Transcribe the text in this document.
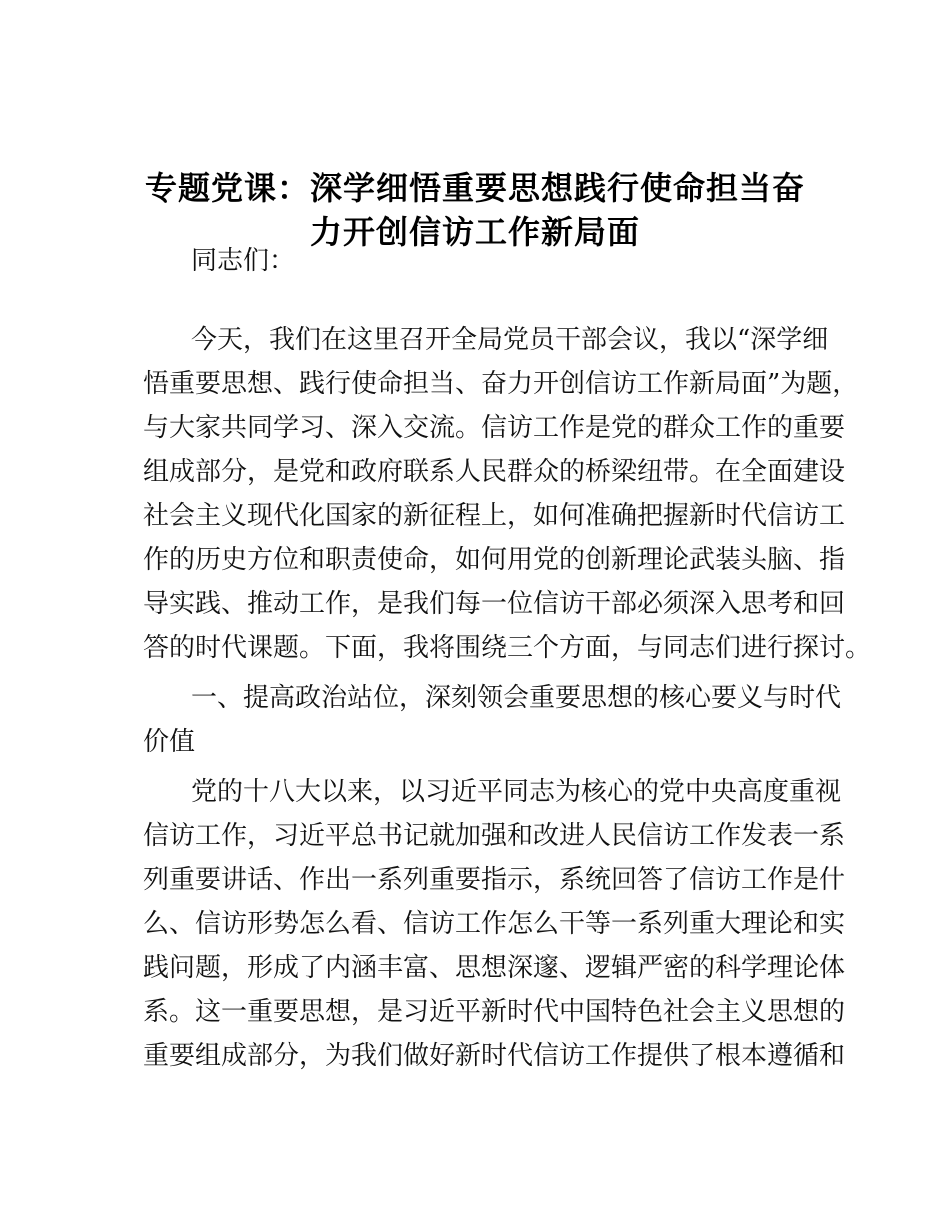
专题党课：深学细悟重要思想践行使命担当奋
力开创信访工作新局面
同志们：
今天，我们在这里召开全局党员干部会议，我以“深学细
悟重要思想、践行使命担当、奋力开创信访工作新局面”为题，
与大家共同学习、深入交流。信访工作是党的群众工作的重要
组成部分，是党和政府联系人民群众的桥梁纽带。在全面建设
社会主义现代化国家的新征程上，如何准确把握新时代信访工
作的历史方位和职责使命，如何用党的创新理论武装头脑、指
导实践、推动工作，是我们每一位信访干部必须深入思考和回
答的时代课题。下面，我将围绕三个方面，与同志们进行探讨。
一、提高政治站位，深刻领会重要思想的核心要义与时代
价值
党的十八大以来，以习近平同志为核心的党中央高度重视
信访工作，习近平总书记就加强和改进人民信访工作发表一系
列重要讲话、作出一系列重要指示，系统回答了信访工作是什
么、信访形势怎么看、信访工作怎么干等一系列重大理论和实
践问题，形成了内涵丰富、思想深邃、逻辑严密的科学理论体
系。这一重要思想，是习近平新时代中国特色社会主义思想的
重要组成部分，为我们做好新时代信访工作提供了根本遵循和
